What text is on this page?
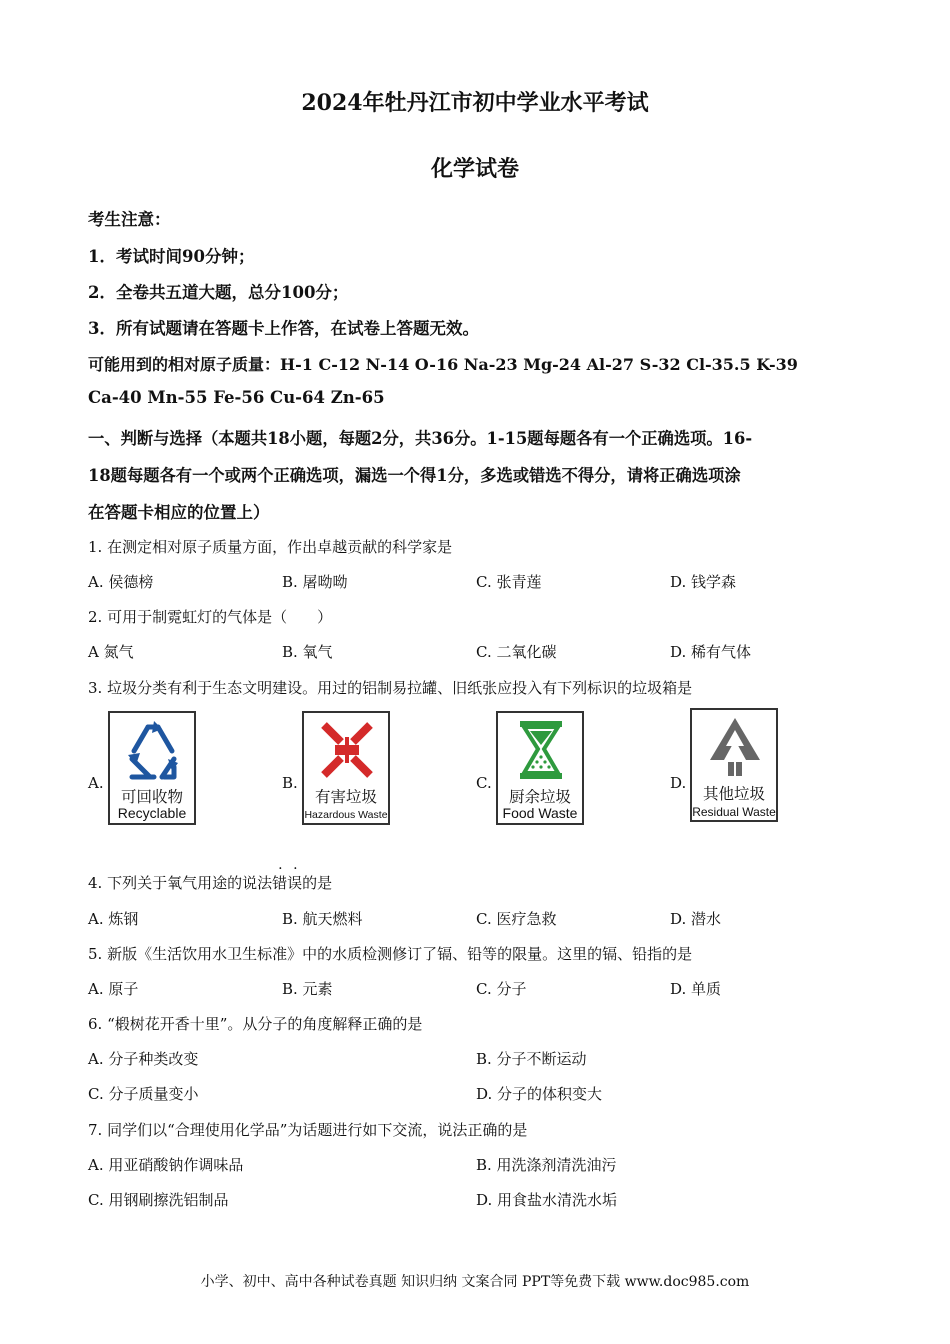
2024年牡丹江市初中学业水平考试
化学试卷
考生注意：
1．考试时间90分钟；
2．全卷共五道大题，总分100分；
3．所有试题请在答题卡上作答，在试卷上答题无效。
可能用到的相对原子质量：H-1 C-12 N-14 O-16 Na-23 Mg-24 Al-27 S-32 Cl-35.5 K-39
Ca-40 Mn-55 Fe-56 Cu-64 Zn-65
一、判断与选择（本题共18小题，每题2分，共36分。1-15题每题各有一个正确选项。16-
18题每题各有一个或两个正确选项，漏选一个得1分，多选或错选不得分，请将正确选项涂
在答题卡相应的位置上）
1. 在测定相对原子质量方面，作出卓越贡献的科学家是
A. 侯德榜	B. 屠呦呦	C. 张青莲	D. 钱学森
2. 可用于制霓虹灯的气体是（　　）
A 氮气	B. 氧气	C. 二氧化碳	D. 稀有气体
3. 垃圾分类有利于生态文明建设。用过的铝制易拉罐、旧纸张应投入有下列标识的垃圾箱是
A.
可回收物
Recyclable
B.
有害垃圾
Hazardous Waste
C.
厨余垃圾
Food Waste
D.
其他垃圾
Residual Waste
4. 下列关于氧气用途的说法错误的是
A. 炼钢	B. 航天燃料	C. 医疗急救	D. 潜水
5. 新版《生活饮用水卫生标准》中的水质检测修订了镉、铅等的限量。这里的镉、铅指的是
A. 原子	B. 元素	C. 分子	D. 单质
6. “椴树花开香十里”。从分子的角度解释正确的是
A. 分子种类改变	B. 分子不断运动
C. 分子质量变小	D. 分子的体积变大
7. 同学们以“合理使用化学品”为话题进行如下交流，说法正确的是
A. 用亚硝酸钠作调味品	B. 用洗涤剂清洗油污
C. 用钢刷擦洗铝制品	D. 用食盐水清洗水垢
小学、初中、高中各种试卷真题 知识归纳 文案合同 PPT等免费下载 www.doc985.com
